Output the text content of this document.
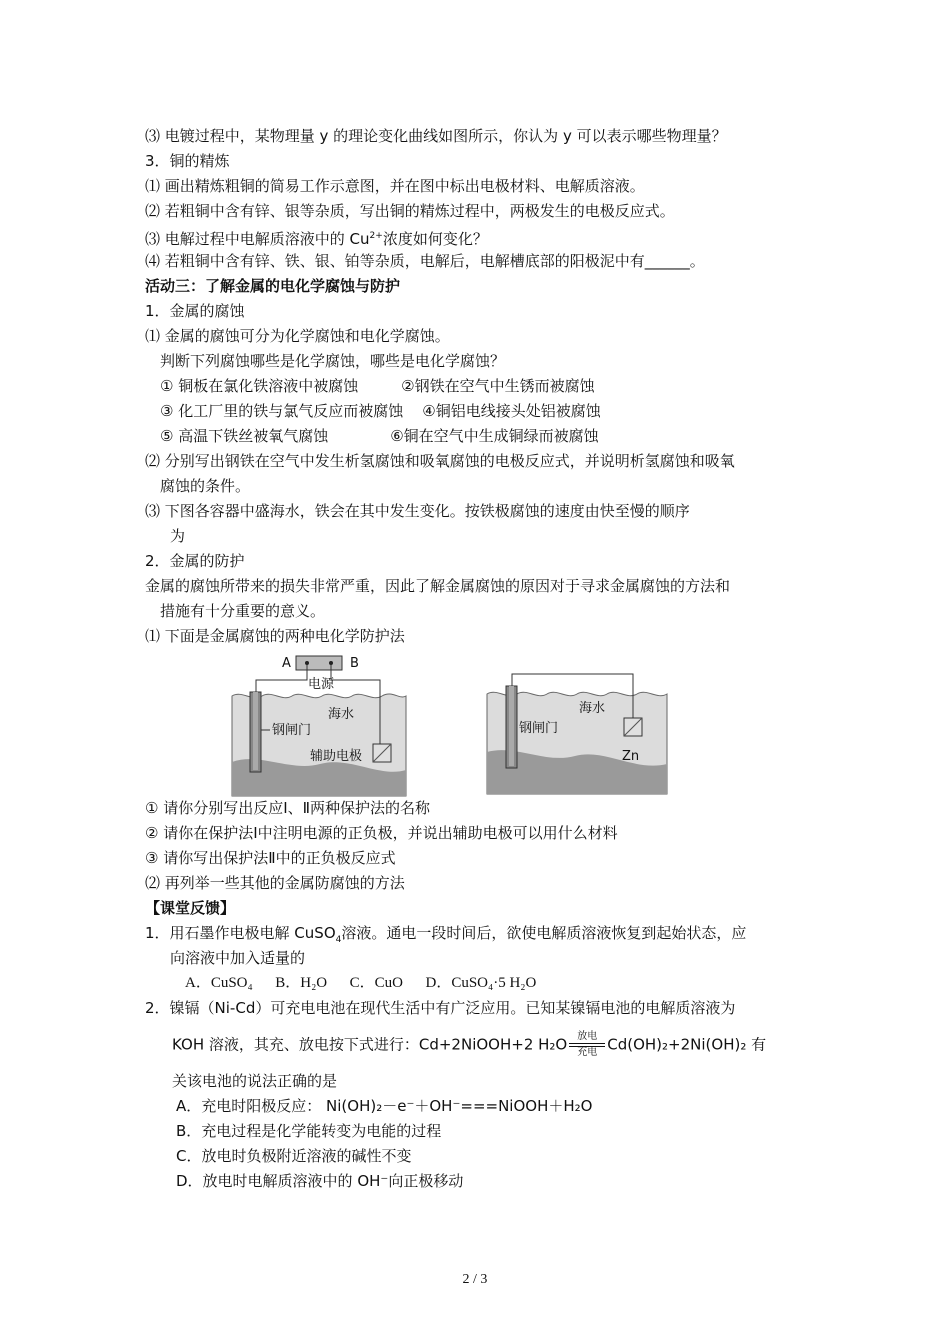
⑶ 电镀过程中，某物理量 y 的理论变化曲线如图所示，你认为 y 可以表示哪些物理量？
3．铜的精炼
⑴ 画出精炼粗铜的简易工作示意图，并在图中标出电极材料、电解质溶液。
⑵ 若粗铜中含有锌、银等杂质，写出铜的精炼过程中，两极发生的电极反应式。
⑶ 电解过程中电解质溶液中的 $Cu^{2+}$浓度如何变化？
⑷ 若粗铜中含有锌、铁、银、铂等杂质，电解后，电解槽底部的阳极泥中有______。
活动三：了解金属的电化学腐蚀与防护
1．金属的腐蚀
⑴ 金属的腐蚀可分为化学腐蚀和电化学腐蚀。
判断下列腐蚀哪些是化学腐蚀，哪些是电化学腐蚀？
① 铜板在氯化铁溶液中被腐蚀         ②钢铁在空气中生锈而被腐蚀
③ 化工厂里的铁与氯气反应而被腐蚀    ④铜铝电线接头处铝被腐蚀
⑤ 高温下铁丝被氧气腐蚀             ⑥铜在空气中生成铜绿而被腐蚀
⑵ 分别写出钢铁在空气中发生析氢腐蚀和吸氧腐蚀的电极反应式，并说明析氢腐蚀和吸氧
腐蚀的条件。
⑶ 下图各容器中盛海水，铁会在其中发生变化。按铁极腐蚀的速度由快至慢的顺序
为
2．金属的防护
金属的腐蚀所带来的损失非常严重，因此了解金属腐蚀的原因对于寻求金属腐蚀的方法和
措施有十分重要的意义。
⑴ 下面是金属腐蚀的两种电化学防护法
A	B
电源
海水
钢闸门
辅助电极
海水
钢闸门
Zn
① 请你分别写出反应Ⅰ、Ⅱ两种保护法的名称
② 请你在保护法Ⅰ中注明电源的正负极，并说出辅助电极可以用什么材料
③ 请你写出保护法Ⅱ中的正负极反应式
⑵ 再列举一些其他的金属防腐蚀的方法
【课堂反馈】
1．用石墨作电极电解 CuSO$_4$溶液。通电一段时间后，欲使电解质溶液恢复到起始状态，应
向溶液中加入适量的
A．CuSO₄      B．H₂O      C．CuO      D．CuSO₄·5 H₂O
2．镍镉（Ni-Cd）可充电电池在现代生活中有广泛应用。已知某镍镉电池的电解质溶液为
KOH 溶液，其充、放电按下式进行：Cd+2NiOOH+2 $H_2O \frac{\text{放电}}{\text{充电}} Cd(OH)_2+2Ni(OH)_2$ 有
关该电池的说法正确的是
A．充电时阳极反应： Ni(OH)₂－e⁻＋OH⁻===NiOOH＋H₂O
B．充电过程是化学能转变为电能的过程
C．放电时负极附近溶液的碱性不变
D．放电时电解质溶液中的 OH⁻向正极移动
2 / 3
